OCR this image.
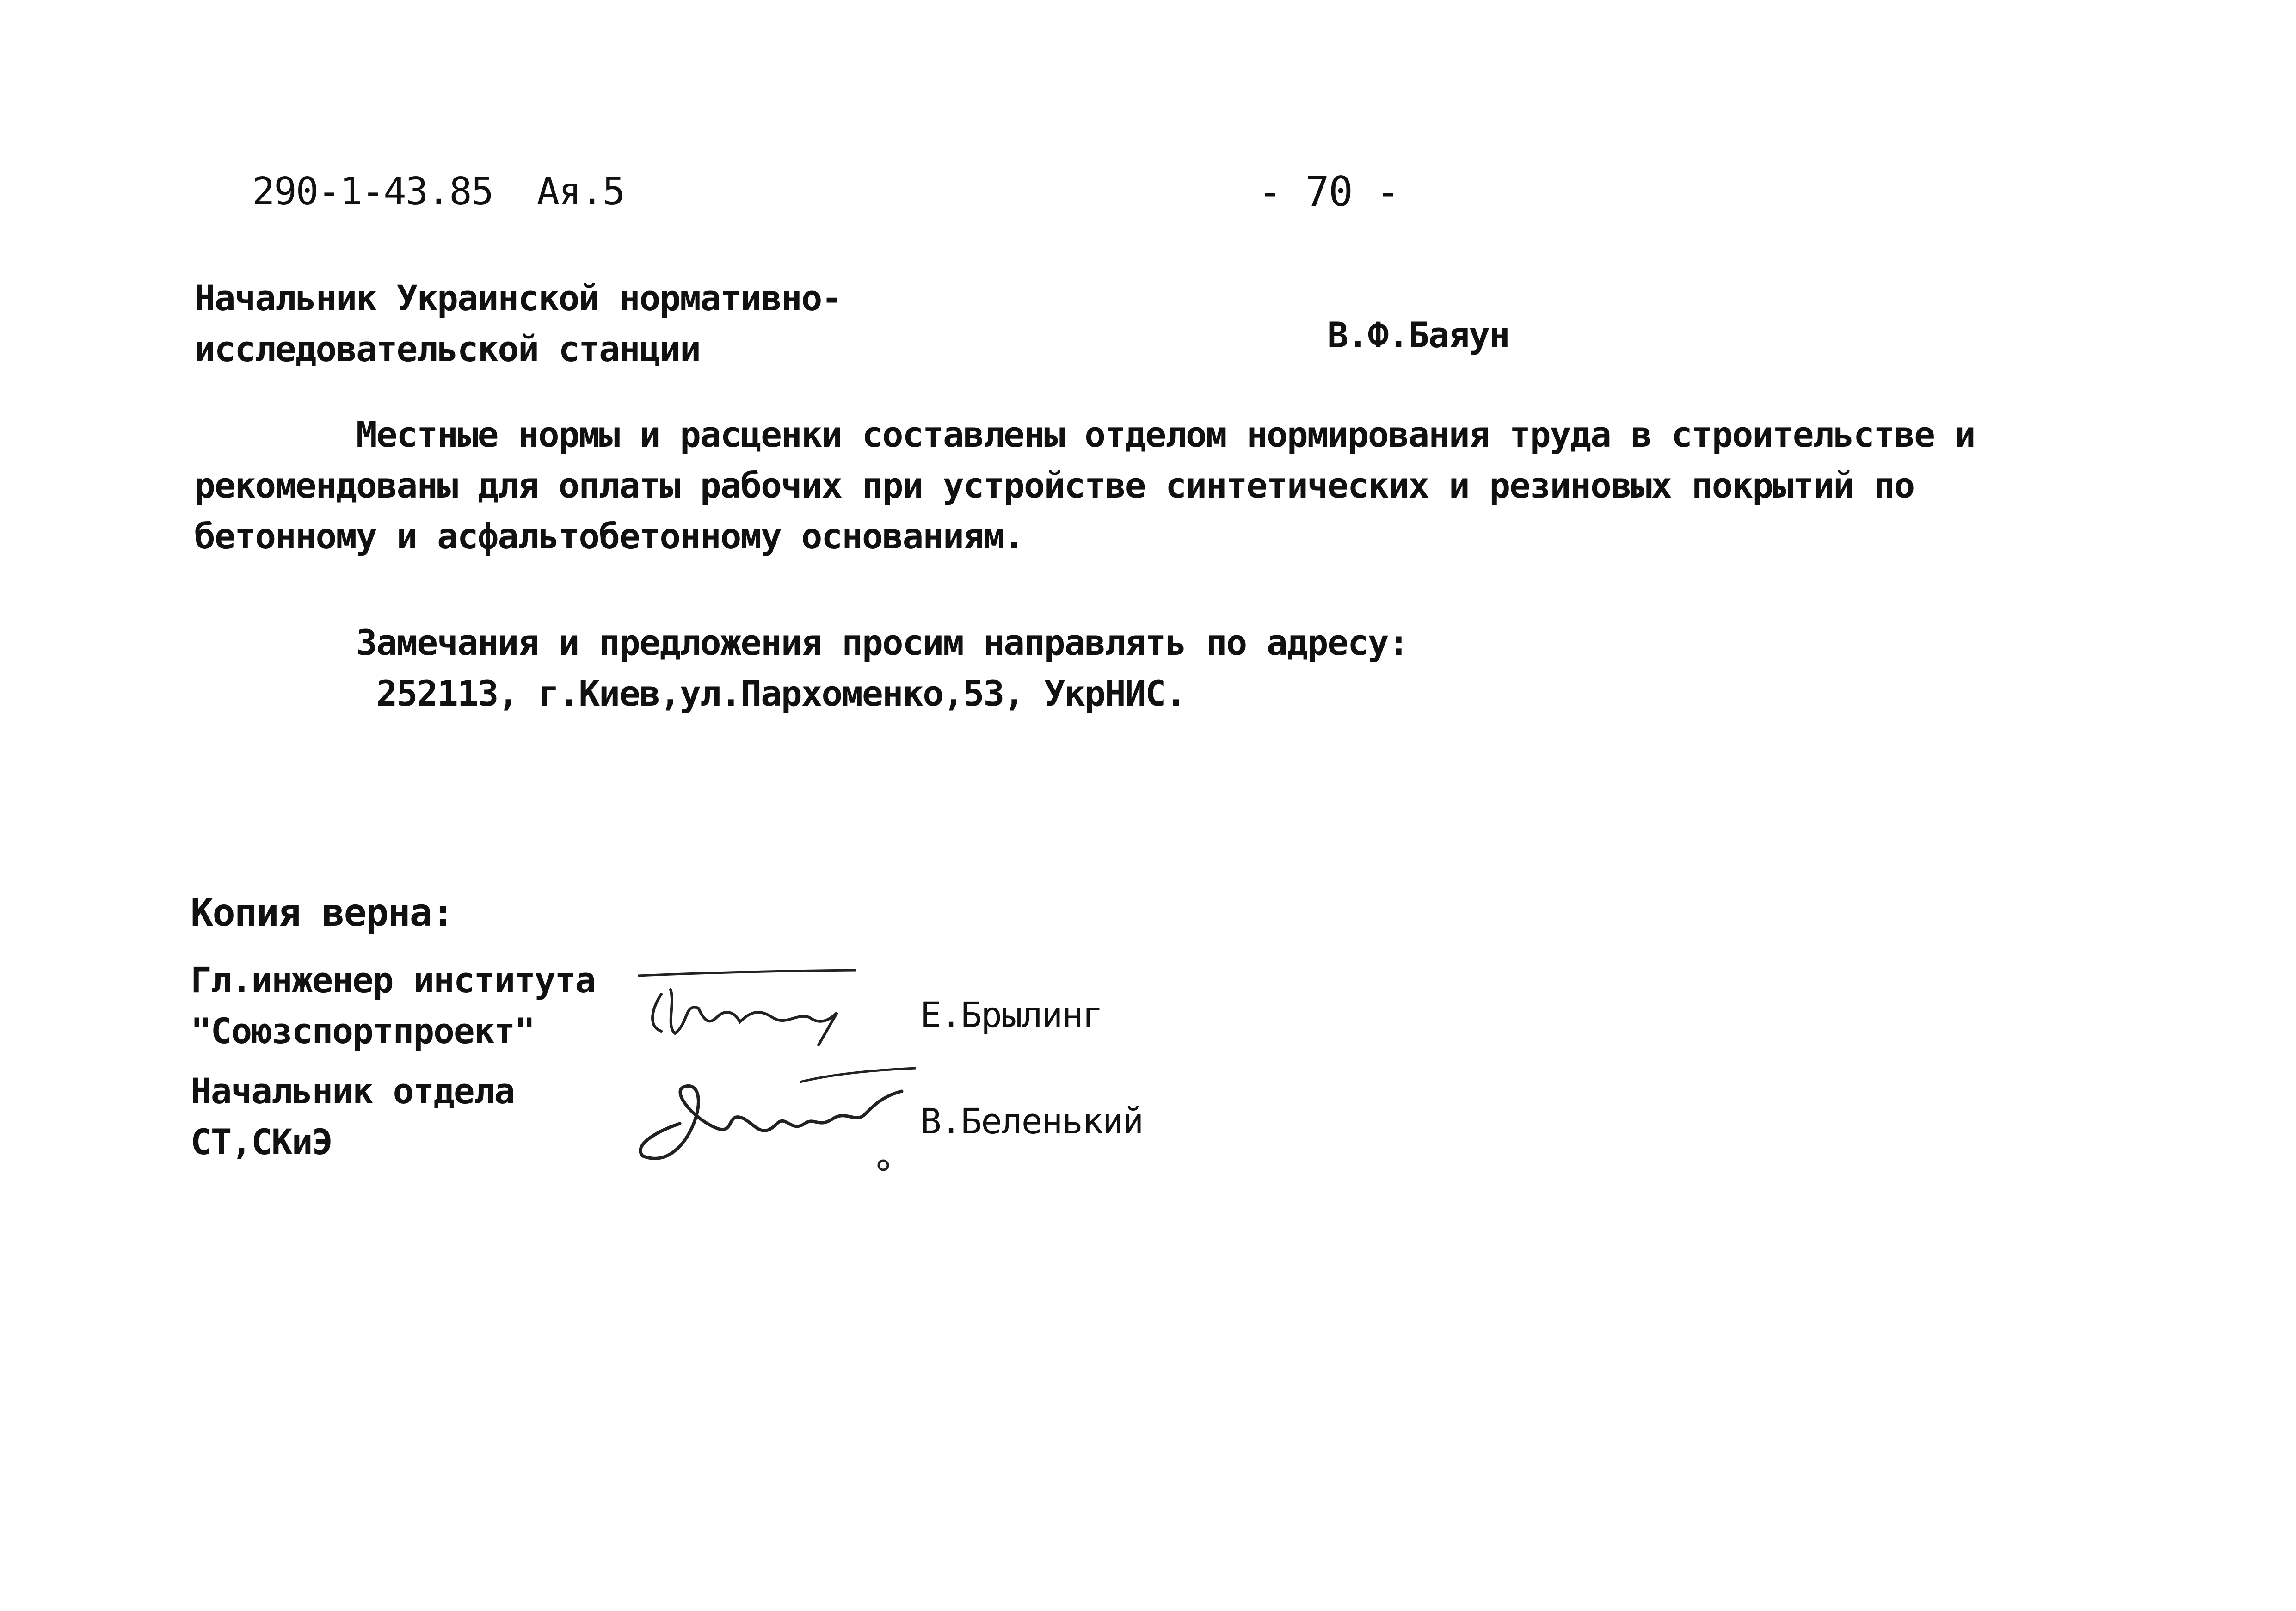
290-1-43.85  Ая.5	- 70 -
Начальник Украинской нормативно-
исследовательской станции	В.Ф.Баяун
Местные нормы и расценки составлены отделом нормирования труда в строительстве и
рекомендованы для оплаты рабочих при устройстве синтетических и резиновых покрытий по
бетонному и асфальтобетонному основаниям.
Замечания и предложения просим направлять по адресу:
252113, г.Киев,ул.Пархоменко,53, УкрНИС.
Копия верна:
Гл.инженер института
"Союзспортпроект"	Е.Брылинг
Начальник отдела
СТ,СКиЭ
В.Беленький
